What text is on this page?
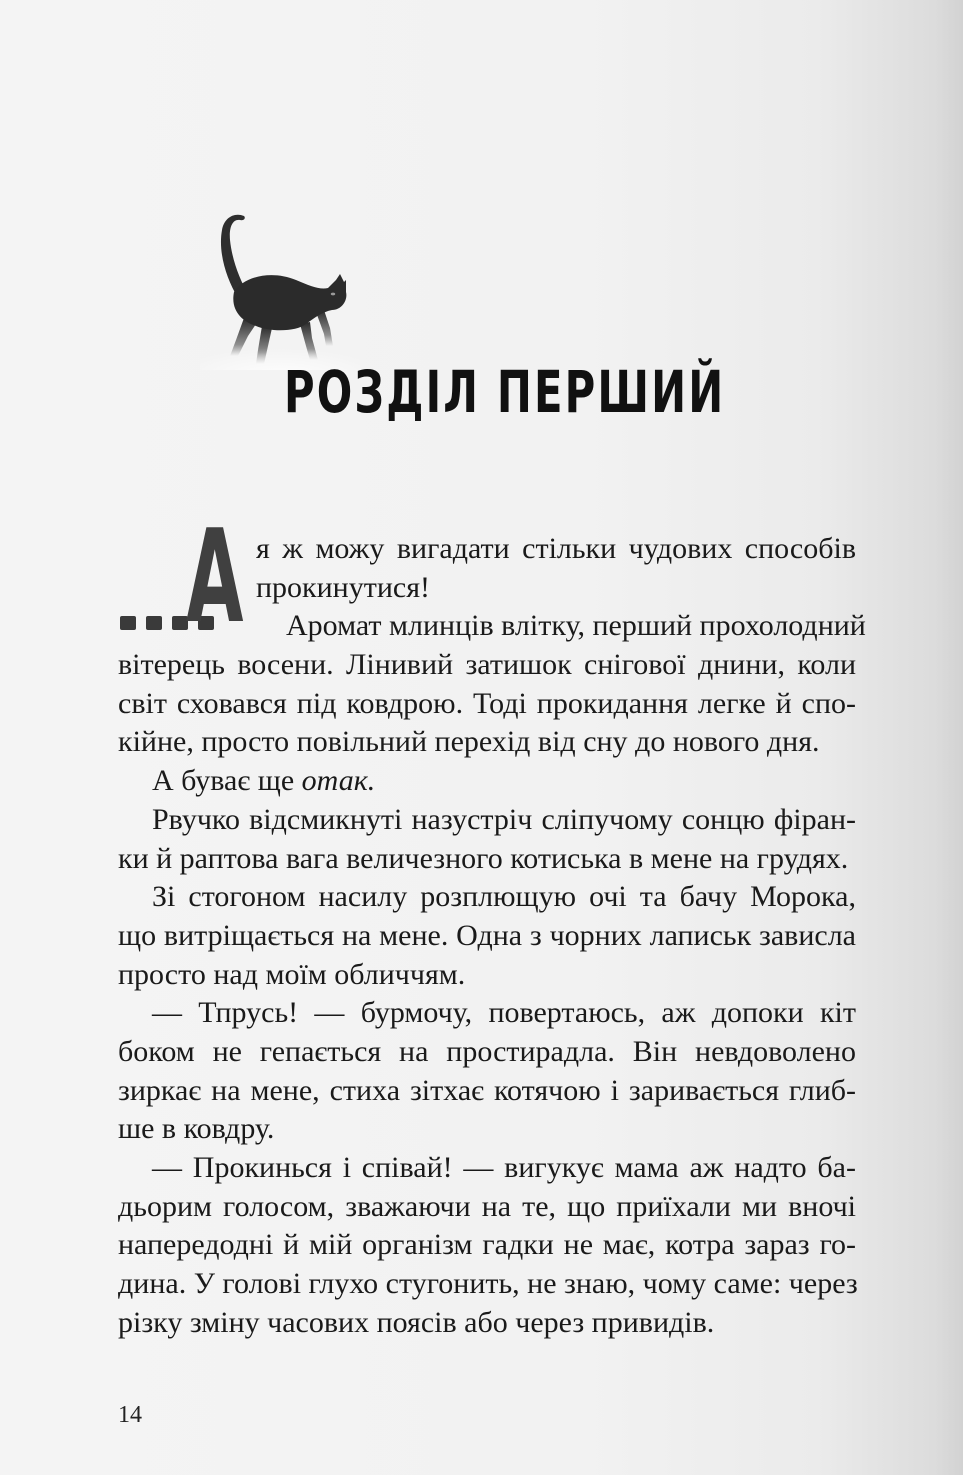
РОЗДІЛ ПЕРШИЙ
А я ж можу вигадати стільки чудових способів
прокинутися!
Аромат млинців влітку, перший прохолодний
вітерець восени. Лінивий затишок снігової днини, коли
світ сховався під ковдрою. Тоді прокидання легке й спо-
кійне, просто повільний перехід від сну до нового дня.
А буває ще отак.
Рвучко відсмикнуті назустріч сліпучому сонцю фіран-
ки й раптова вага величезного котиська в мене на грудях.
Зі стогоном насилу розплющую очі та бачу Морока,
що витріщається на мене. Одна з чорних лаписьк зависла
просто над моїм обличчям.
— Тпрусь! — бурмочу, повертаюсь, аж допоки кіт
боком не гепається на простирадла. Він невдоволено
зиркає на мене, стиха зітхає котячою і заривається глиб-
ше в ковдру.
— Прокинься і співай! — вигукує мама аж надто ба-
дьорим голосом, зважаючи на те, що приїхали ми вночі
напередодні й мій організм гадки не має, котра зараз го-
дина. У голові глухо стугонить, не знаю, чому саме: через
різку зміну часових поясів або через привидів.
14
